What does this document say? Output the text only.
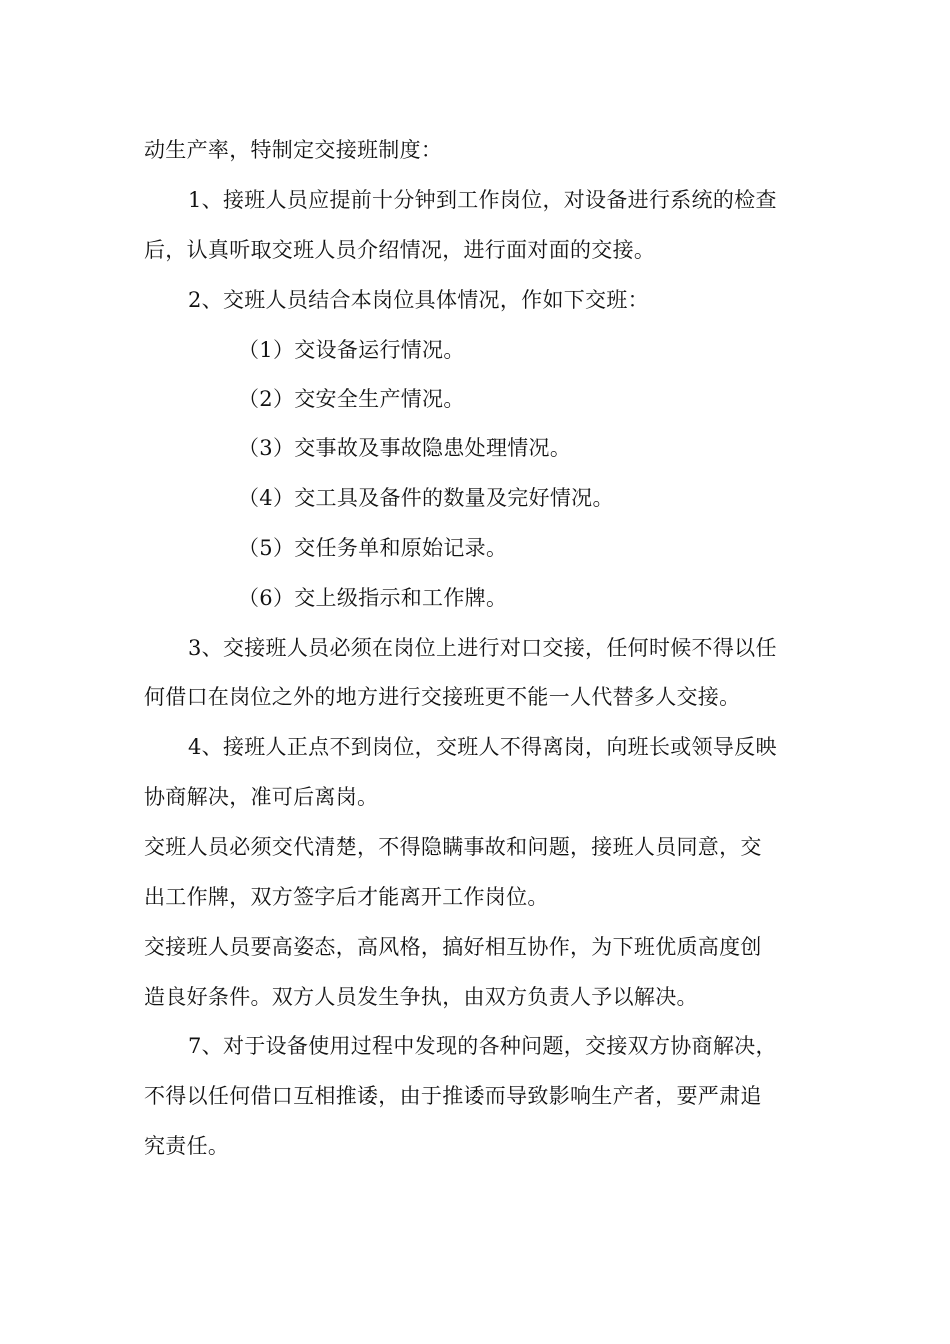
动生产率，特制定交接班制度：
1、接班人员应提前十分钟到工作岗位，对设备进行系统的检查
后，认真听取交班人员介绍情况，进行面对面的交接。
2、交班人员结合本岗位具体情况，作如下交班：
（1）交设备运行情况。
（2）交安全生产情况。
（3）交事故及事故隐患处理情况。
（4）交工具及备件的数量及完好情况。
（5）交任务单和原始记录。
（6）交上级指示和工作牌。
3、交接班人员必须在岗位上进行对口交接，任何时候不得以任
何借口在岗位之外的地方进行交接班更不能一人代替多人交接。
4、接班人正点不到岗位，交班人不得离岗，向班长或领导反映
协商解决，准可后离岗。
交班人员必须交代清楚，不得隐瞒事故和问题，接班人员同意，交
出工作牌，双方签字后才能离开工作岗位。
交接班人员要高姿态，高风格，搞好相互协作，为下班优质高度创
造良好条件。双方人员发生争执，由双方负责人予以解决。
7、对于设备使用过程中发现的各种问题，交接双方协商解决，
不得以任何借口互相推诿，由于推诿而导致影响生产者，要严肃追
究责任。
